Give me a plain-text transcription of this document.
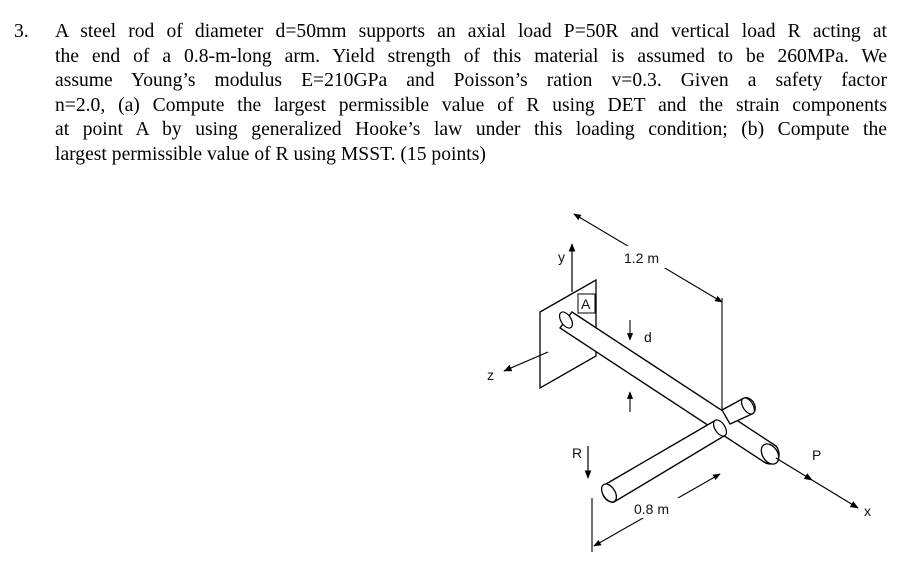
3. A steel rod of diameter d=50mm supports an axial load P=50R and vertical load R acting at
the end of a 0.8-m-long arm. Yield strength of this material is assumed to be 260MPa. We
assume Young’s modulus E=210GPa and Poisson’s ration v=0.3. Given a safety factor
n=2.0, (a) Compute the largest permissible value of R using DET and the strain components
at point A by using generalized Hooke’s law under this loading condition; (b) Compute the
largest permissible value of R using MSST. (15 points)
y
z
A
1.2 m
d
R	P
x
0.8 m
